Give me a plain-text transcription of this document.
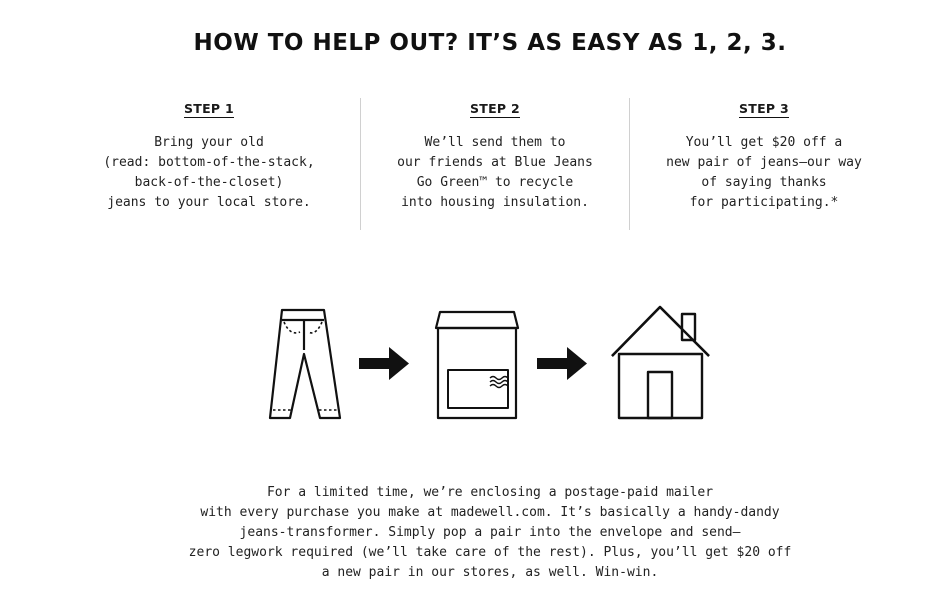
HOW TO HELP OUT? IT’S AS EASY AS 1, 2, 3.
STEP 1
Bring your old
(read: bottom-of-the-stack,
back-of-the-closet)
jeans to your local store.
STEP 2
We’ll send them to
our friends at Blue Jeans
Go Green™ to recycle
into housing insulation.
STEP 3
You’ll get $20 off a
new pair of jeans—our way
of saying thanks
for participating.*

For a limited time, we’re enclosing a postage-paid mailer
with every purchase you make at madewell.com. It’s basically a handy-dandy
jeans-transformer. Simply pop a pair into the envelope and send—
zero legwork required (we’ll take care of the rest). Plus, you’ll get $20 off
a new pair in our stores, as well. Win-win.
